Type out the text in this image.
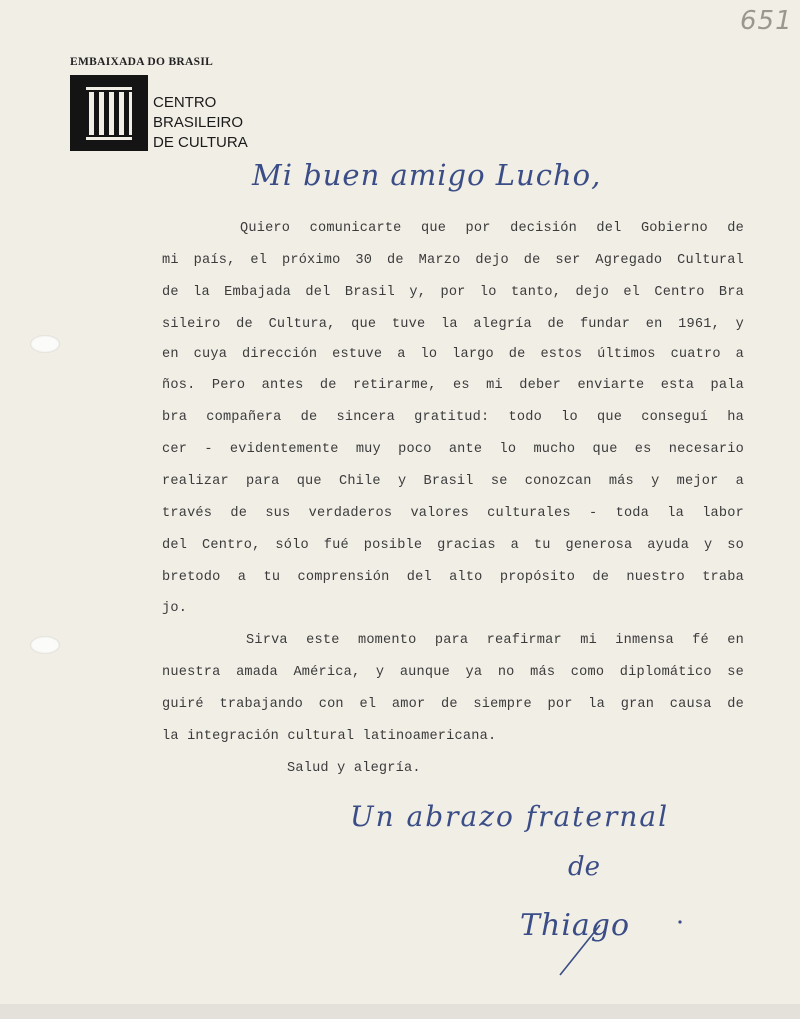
651
EMBAIXADA DO BRASIL
CENTRO
BRASILEIRO
DE CULTURA
Mi buen amigo Lucho,
Quiero comunicarte que por decisión del Gobierno de
mi país, el próximo 30 de Marzo dejo de ser Agregado Cultural
de la Embajada del Brasil y, por lo tanto, dejo el Centro Bra
sileiro de Cultura, que tuve la alegría de fundar en 1961, y
en cuya dirección estuve a lo largo de estos últimos cuatro a
ños. Pero antes de retirarme, es mi deber enviarte esta pala
bra compañera de sincera gratitud: todo lo que conseguí ha
cer - evidentemente muy poco ante lo mucho que es necesario
realizar para que Chile y Brasil se conozcan más y mejor a
través de sus verdaderos valores culturales - toda la labor
del Centro, sólo fué posible gracias a tu generosa ayuda y so
bretodo a tu comprensión del alto propósito de nuestro traba
jo.
Sirva este momento para reafirmar mi inmensa fé en
nuestra amada América, y aunque ya no más como diplomático se
guiré trabajando con el amor de siempre por la gran causa de
la integración cultural latinoamericana.
Salud y alegría.
Un abrazo fraternal
de
Thiago
